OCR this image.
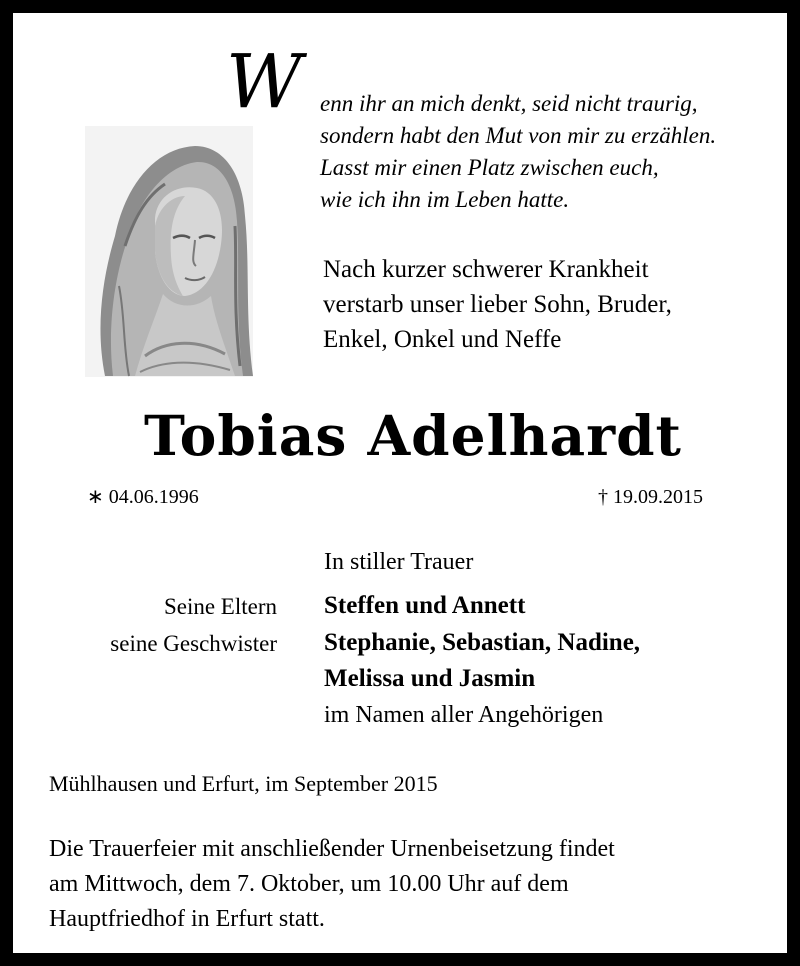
W enn ihr an mich denkt, seid nicht traurig,
sondern habt den Mut von mir zu erzählen.
Lasst mir einen Platz zwischen euch,
wie ich ihn im Leben hatte.
Nach kurzer schwerer Krankheit
verstarb unser lieber Sohn, Bruder,
Enkel, Onkel und Neffe
Tobias Adelhardt
∗ 04.06.1996	† 19.09.2015
In stiller Trauer
Seine Eltern Steffen und Annett
seine Geschwister Stephanie, Sebastian, Nadine,
Melissa und Jasmin
im Namen aller Angehörigen
Mühlhausen und Erfurt, im September 2015
Die Trauerfeier mit anschließender Urnenbeisetzung findet
am Mittwoch, dem 7. Oktober, um 10.00 Uhr auf dem
Hauptfriedhof in Erfurt statt.
